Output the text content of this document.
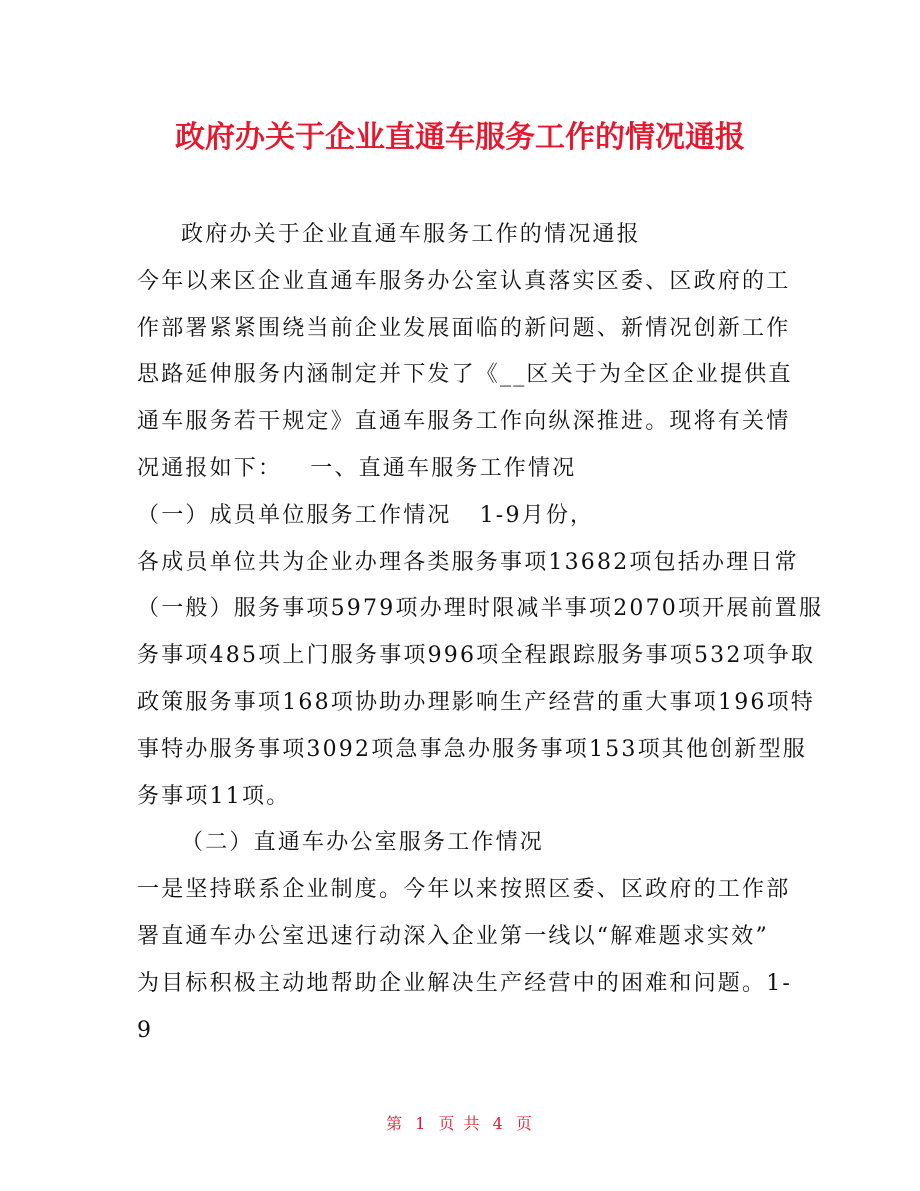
政府办关于企业直通车服务工作的情况通报
政府办关于企业直通车服务工作的情况通报
今年以来区企业直通车服务办公室认真落实区委、区政府的工
作部署紧紧围绕当前企业发展面临的新问题、新情况创新工作
思路延伸服务内涵制定并下发了《__区关于为全区企业提供直
通车服务若干规定》直通车服务工作向纵深推进。现将有关情
况通报如下： 一、直通车服务工作情况
（一）成员单位服务工作情况 1-9月份，
各成员单位共为企业办理各类服务事项13682项包括办理日常
（一般）服务事项5979项办理时限减半事项2070项开展前置服
务事项485项上门服务事项996项全程跟踪服务事项532项争取
政策服务事项168项协助办理影响生产经营的重大事项196项特
事特办服务事项3092项急事急办服务事项153项其他创新型服
务事项11项。
（二）直通车办公室服务工作情况
一是坚持联系企业制度。今年以来按照区委、区政府的工作部
署直通车办公室迅速行动深入企业第一线以“解难题求实效”
为目标积极主动地帮助企业解决生产经营中的困难和问题。1-
9
第 1 页 共 4 页
